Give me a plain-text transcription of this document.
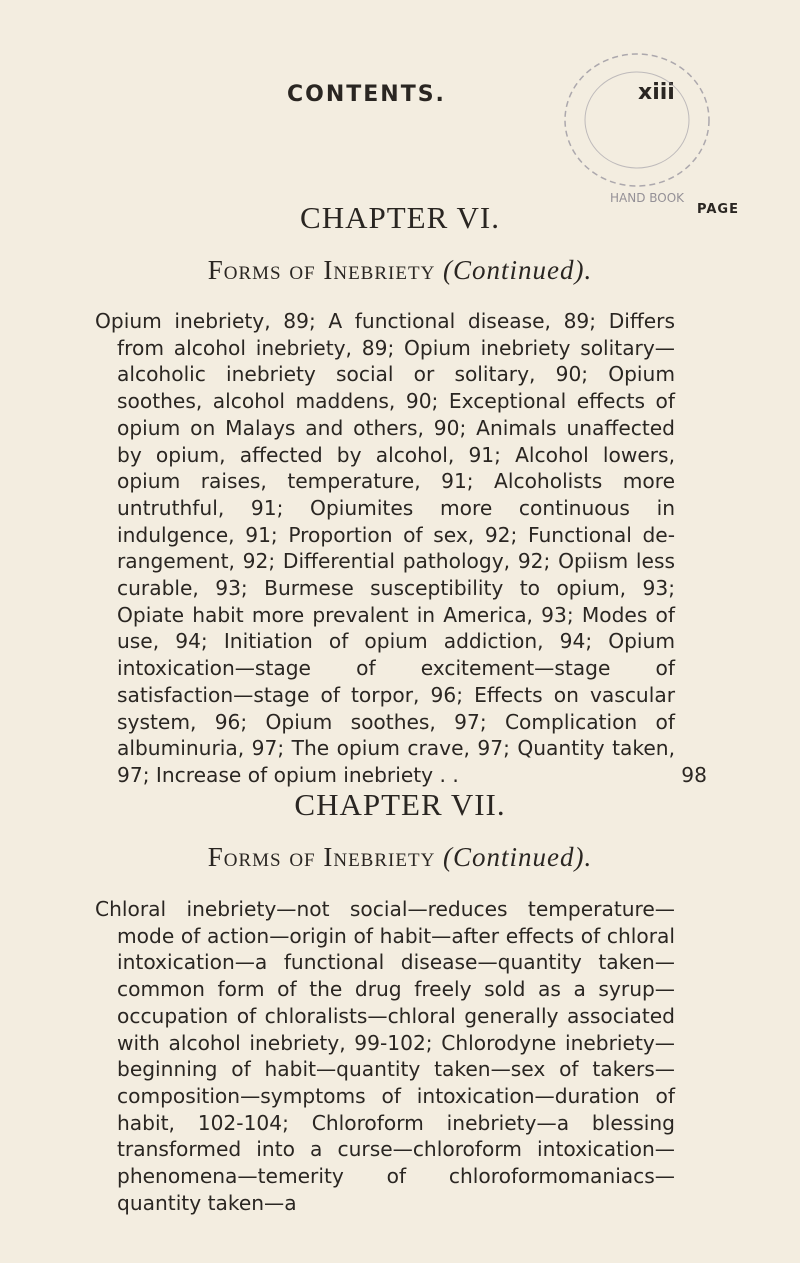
CONTENTS.	xiii
HAND BOOK
PAGE
CHAPTER VI.
Forms of Inebriety (Continued).
Opium inebriety, 89; A functional disease, 89; Differs from alcohol inebriety, 89; Opium inebriety solitary—alcoholic inebriety social or solitary, 90; Opium soothes, alcohol maddens, 90; Exceptional effects of opium on Malays and others, 90; Animals unaffected by opium, affected by alcohol, 91; Alcohol lowers, opium raises, temperature, 91; Alcoholists more untruthful, 91; Opiumites more continuous in indulgence, 91; Proportion of sex, 92; Functional derangement, 92; Differential pathology, 92; Opiism less curable, 93; Burmese susceptibility to opium, 93; Opiate habit more prevalent in America, 93; Modes of use, 94; Initiation of opium addiction, 94; Opium intoxication—stage of excitement—stage of satisfaction—stage of torpor, 96; Effects on vascular system, 96; Opium soothes, 97; Complication of albuminuria, 97; The opium crave, 97; Quantity taken, 97; Increase of opium inebriety . .	98
CHAPTER VII.
Forms of Inebriety (Continued).
Chloral inebriety—not social—reduces temperature—mode of action—origin of habit—after effects of chloral intoxication—a functional disease—quantity taken—common form of the drug freely sold as a syrup—occupation of chloralists—chloral generally associated with alcohol inebriety, 99-102; Chlorodyne inebriety—beginning of habit—quantity taken—sex of takers—composition—symptoms of intoxication—duration of habit, 102-104; Chloroform inebriety—a blessing transformed into a curse—chloroform intoxication—phenomena—temerity of chloroformomaniacs—quantity taken—a
